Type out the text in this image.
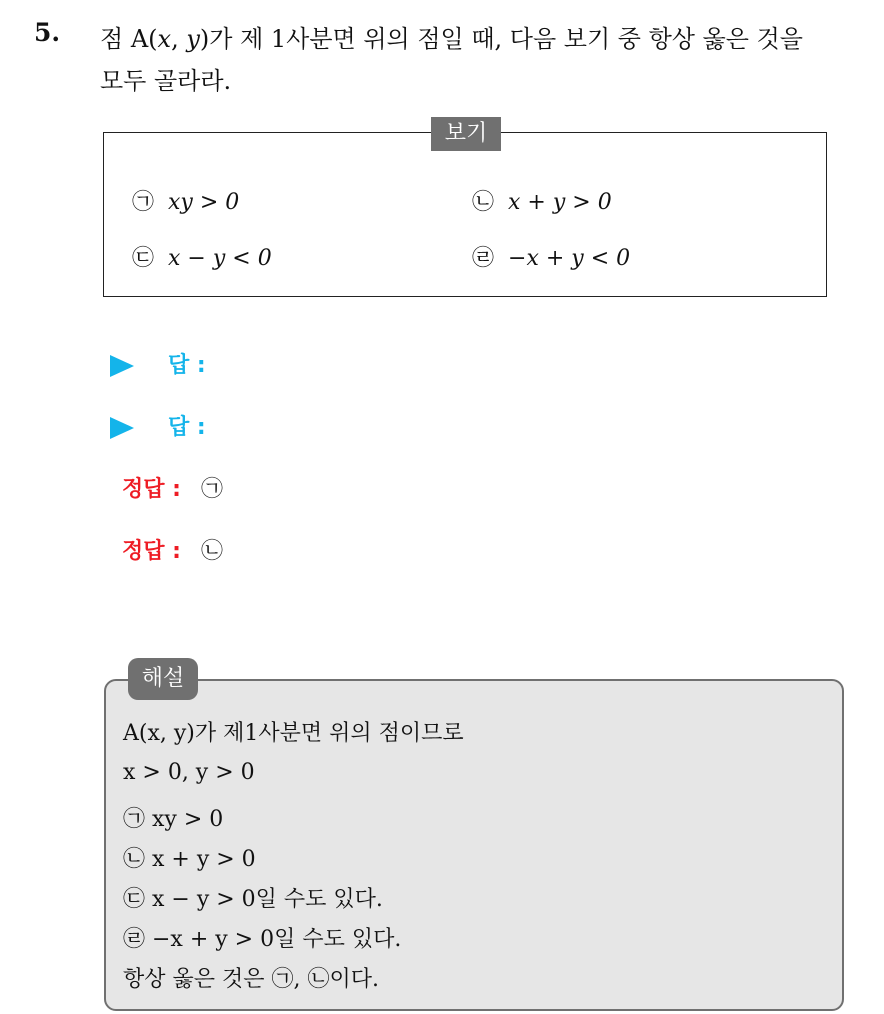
5. 점 A(x, y)가 제 1사분면 위의 점일 때, 다음 보기 중 항상 옳은 것을
모두 골라라.
보기
㉠ xy > 0	㉡ x + y > 0
㉢ x − y < 0	㉣ −x + y < 0
답 :
답 :
정답 : ㉠
정답 : ㉡
해설
A(x, y)가 제1사분면 위의 점이므로
x > 0, y > 0
㉠ xy > 0
㉡ x + y > 0
㉢ x − y > 0일 수도 있다.
㉣ −x + y > 0일 수도 있다.
항상 옳은 것은 ㉠, ㉡이다.
